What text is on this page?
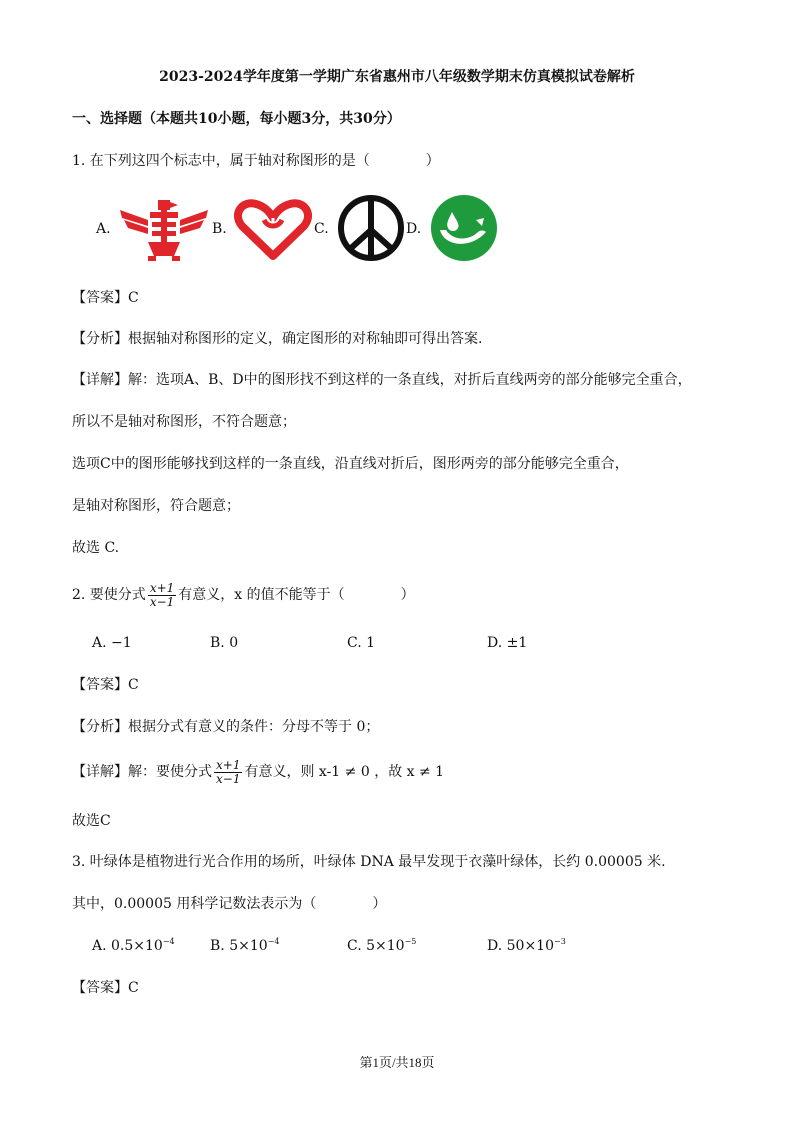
2023-2024学年度第一学期广东省惠州市八年级数学期末仿真模拟试卷解析
一、选择题（本题共10小题，每小题3分，共30分）
1. 在下列这四个标志中，属于轴对称图形的是（　　　　）
A.	B.	C.	D.
【答案】C
【分析】根据轴对称图形的定义，确定图形的对称轴即可得出答案.
【详解】解：选项A、B、D中的图形找不到这样的一条直线，对折后直线两旁的部分能够完全重合，
所以不是轴对称图形，不符合题意；
选项C中的图形能够找到这样的一条直线，沿直线对折后，图形两旁的部分能够完全重合，
是轴对称图形，符合题意；
故选 C.
2. 要使分式 $\frac{x+1}{x-1}$ 有意义，x 的值不能等于（　　　　）
A. −1	B. 0	C. 1	D. ±1
【答案】C
【分析】根据分式有意义的条件：分母不等于 0；
【详解】解：要使分式 $\frac{x+1}{x-1}$ 有意义，则 x-1 ≠ 0 ，故 x ≠ 1
故选C
3. 叶绿体是植物进行光合作用的场所，叶绿体 DNA 最早发现于衣藻叶绿体，长约 0.00005 米.
其中，0.00005 用科学记数法表示为（　　　　）
A. $0.5\times 10^{-4}$	B. $5\times 10^{-4}$	C. $5\times 10^{-5}$	D. $50\times 10^{-3}$
【答案】C
第1页/共18页
